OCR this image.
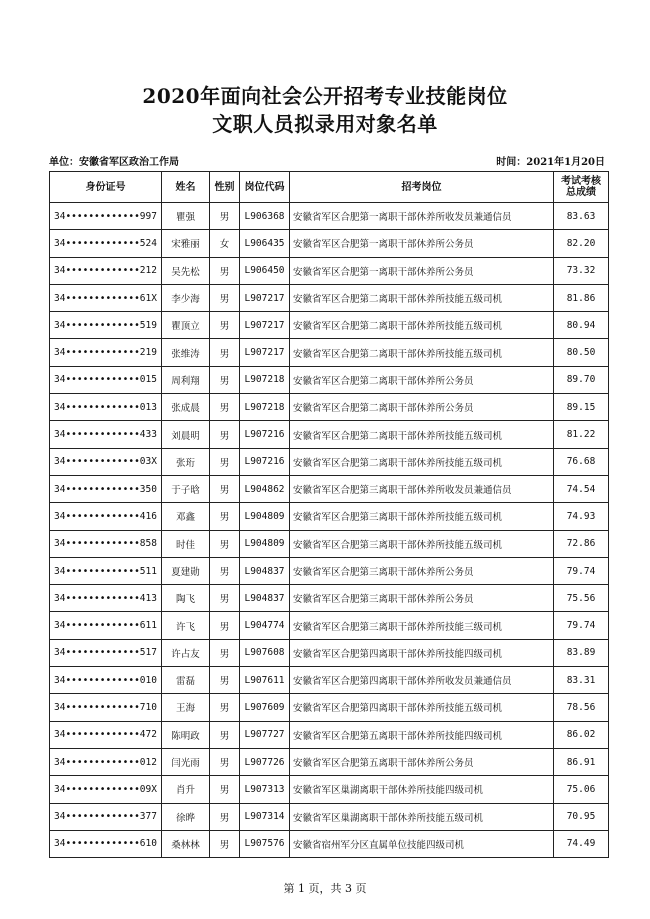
2020年面向社会公开招考专业技能岗位
文职人员拟录用对象名单
单位：安徽省军区政治工作局	时间：2021年1月20日
身份证号	姓名	性别	岗位代码	招考岗位	考试考核
总成绩
34•••••••••••••997	瞿强	男	L906368	安徽省军区合肥第一离职干部休养所收发员兼通信员	83.63
34•••••••••••••524	宋雅丽	女	L906435	安徽省军区合肥第一离职干部休养所公务员	82.20
34•••••••••••••212	吴先松	男	L906450	安徽省军区合肥第一离职干部休养所公务员	73.32
34•••••••••••••61X	李少海	男	L907217	安徽省军区合肥第二离职干部休养所技能五级司机	81.86
34•••••••••••••519	瞿顶立	男	L907217	安徽省军区合肥第二离职干部休养所技能五级司机	80.94
34•••••••••••••219	张维涛	男	L907217	安徽省军区合肥第二离职干部休养所技能五级司机	80.50
34•••••••••••••015	周利翔	男	L907218	安徽省军区合肥第二离职干部休养所公务员	89.70
34•••••••••••••013	张成晨	男	L907218	安徽省军区合肥第二离职干部休养所公务员	89.15
34•••••••••••••433	刘晨明	男	L907216	安徽省军区合肥第二离职干部休养所技能五级司机	81.22
34•••••••••••••03X	张珩	男	L907216	安徽省军区合肥第二离职干部休养所技能五级司机	76.68
34•••••••••••••350	于子晗	男	L904862	安徽省军区合肥第三离职干部休养所收发员兼通信员	74.54
34•••••••••••••416	邓鑫	男	L904809	安徽省军区合肥第三离职干部休养所技能五级司机	74.93
34•••••••••••••858	时佳	男	L904809	安徽省军区合肥第三离职干部休养所技能五级司机	72.86
34•••••••••••••511	夏建勋	男	L904837	安徽省军区合肥第三离职干部休养所公务员	79.74
34•••••••••••••413	陶飞	男	L904837	安徽省军区合肥第三离职干部休养所公务员	75.56
34•••••••••••••611	许飞	男	L904774	安徽省军区合肥第三离职干部休养所技能三级司机	79.74
34•••••••••••••517	许占友	男	L907608	安徽省军区合肥第四离职干部休养所技能四级司机	83.89
34•••••••••••••010	雷磊	男	L907611	安徽省军区合肥第四离职干部休养所收发员兼通信员	83.31
34•••••••••••••710	王海	男	L907609	安徽省军区合肥第四离职干部休养所技能五级司机	78.56
34•••••••••••••472	陈明政	男	L907727	安徽省军区合肥第五离职干部休养所技能四级司机	86.02
34•••••••••••••012	闫光雨	男	L907726	安徽省军区合肥第五离职干部休养所公务员	86.91
34•••••••••••••09X	肖升	男	L907313	安徽省军区巢湖离职干部休养所技能四级司机	75.06
34•••••••••••••377	徐晔	男	L907314	安徽省军区巢湖离职干部休养所技能五级司机	70.95
34•••••••••••••610	桑林林	男	L907576	安徽省宿州军分区直属单位技能四级司机	74.49
第 1 页，共 3 页
